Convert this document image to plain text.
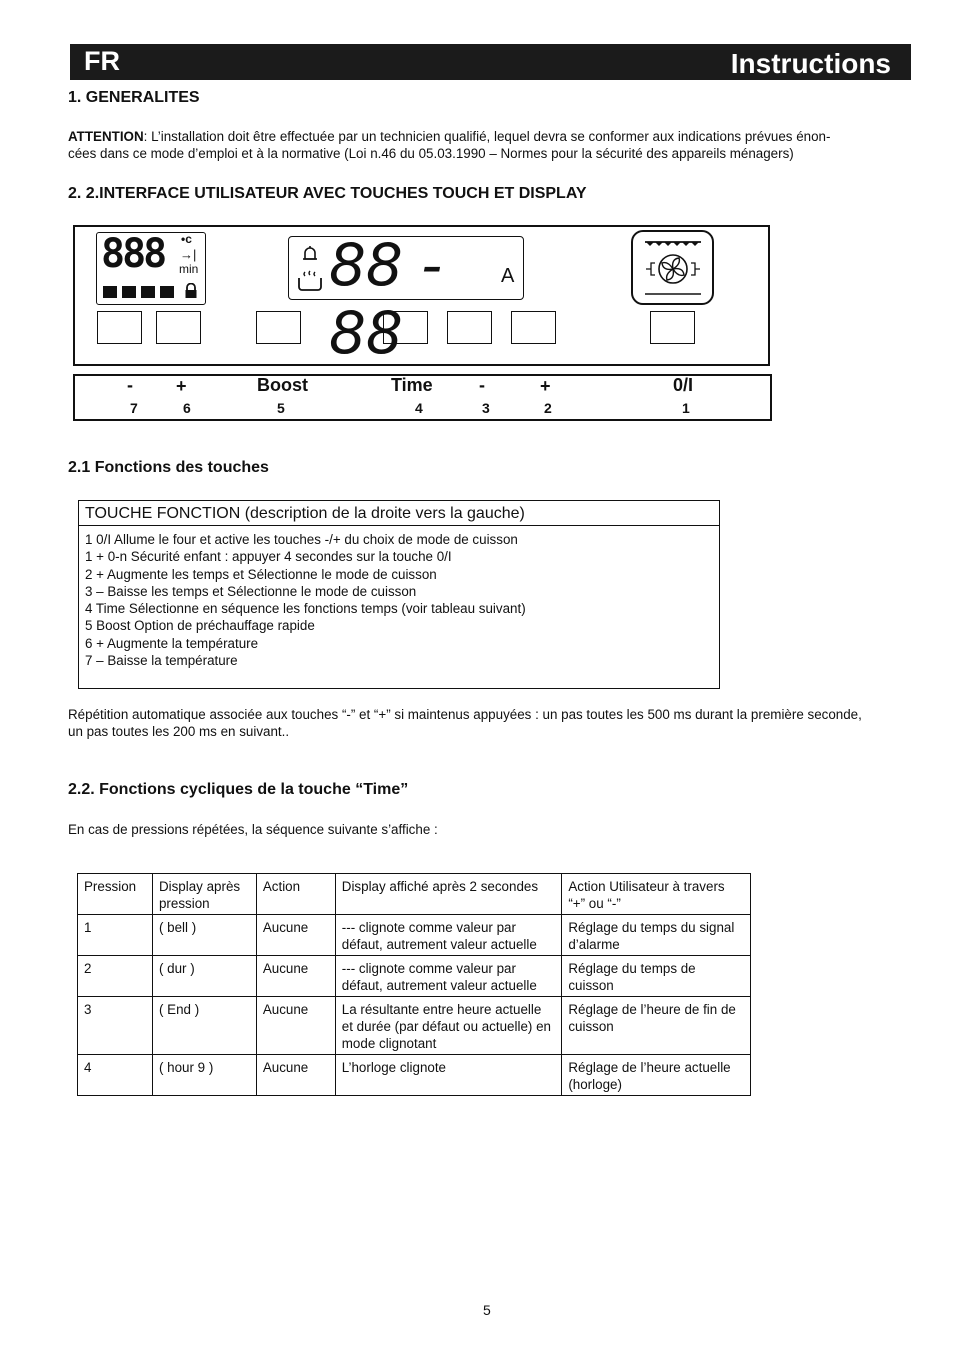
FR	Instructions
1. GENERALITES
ATTENTION: L’installation doit être effectuée par un technicien qualifié, lequel devra se conformer aux indications prévues énon-
cées dans ce mode d’emploi et à la normative (Loi n.46 du 05.03.1990 – Normes pour la sécurité des appareils ménagers)
2. 2.INTERFACE UTILISATEUR AVEC TOUCHES TOUCH ET DISPLAY
888 •c
→|
min 88 - 88
A
- +	Boost	Time	-	+	0/I
7	6	5	4	3	2	1
2.1 Fonctions des touches
TOUCHE FONCTION (description de la droite vers la gauche)
1 0/I Allume le four et active les touches -/+ du choix de mode de cuisson
1 + 0-n Sécurité enfant : appuyer 4 secondes sur la touche 0/I
2 + Augmente les temps et Sélectionne le mode de cuisson
3 – Baisse les temps et Sélectionne le mode de cuisson
4 Time Sélectionne en séquence les fonctions temps (voir tableau suivant)
5 Boost Option de préchauffage rapide
6 + Augmente la température
7 – Baisse la température
Répétition automatique associée aux touches “-” et “+” si maintenus appuyées : un pas toutes les 500 ms durant la première seconde,
un pas toutes les 200 ms en suivant..
2.2. Fonctions cycliques de la touche “Time”
En cas de pressions répétées, la séquence suivante s’affiche :
Pression	Display après pression	Action	Display affiché après 2 secondes	Action Utilisateur à travers “+” ou “-”
1	( bell )	Aucune	--- clignote comme valeur par défaut, autrement valeur actuelle	Réglage du temps du signal d’alarme
2	( dur )	Aucune	--- clignote comme valeur par défaut, autrement valeur actuelle	Réglage du temps de cuisson
3	( End )	Aucune	La résultante entre heure actuelle et durée (par défaut ou actuelle) en mode clignotant	Réglage de l’heure de fin de cuisson
4	( hour 9 )	Aucune	L’horloge clignote	Réglage de l’heure actuelle (horloge)
5
